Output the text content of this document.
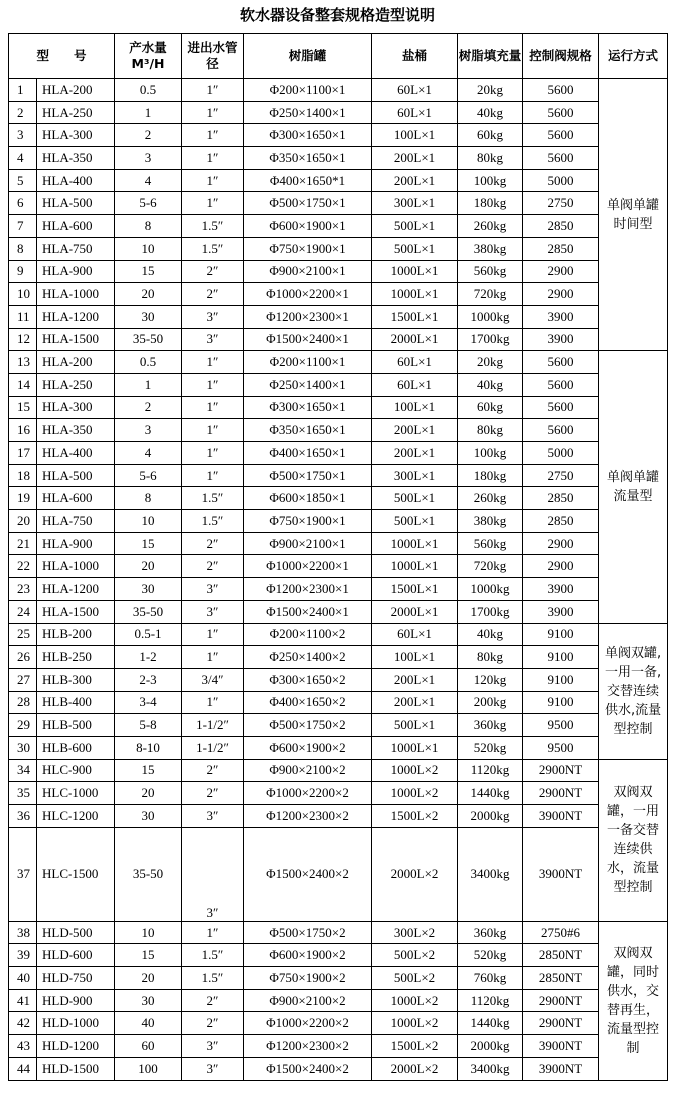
软水器设备整套规格造型说明
型　　号		产水量 M³/H	进出水管径	树脂罐	盐桶	树脂填充量	控制阀规格	运行方式
1	HLA-200	0.5	1″	Φ200×1100×1	60L×1	20kg	5600	单阀单罐 时间型
2	HLA-250	1	1″	Φ250×1400×1	60L×1	40kg	5600	
3	HLA-300	2	1″	Φ300×1650×1	100L×1	60kg	5600	
4	HLA-350	3	1″	Φ350×1650×1	200L×1	80kg	5600	
5	HLA-400	4	1″	Φ400×1650*1	200L×1	100kg	5000	
6	HLA-500	5-6	1″	Φ500×1750×1	300L×1	180kg	2750	
7	HLA-600	8	1.5″	Φ600×1900×1	500L×1	260kg	2850	
8	HLA-750	10	1.5″	Φ750×1900×1	500L×1	380kg	2850	
9	HLA-900	15	2″	Φ900×2100×1	1000L×1	560kg	2900	
10	HLA-1000	20	2″	Φ1000×2200×1	1000L×1	720kg	2900	
11	HLA-1200	30	3″	Φ1200×2300×1	1500L×1	1000kg	3900	
12	HLA-1500	35-50	3″	Φ1500×2400×1	2000L×1	1700kg	3900	
13	HLA-200	0.5	1″	Φ200×1100×1	60L×1	20kg	5600	单阀单罐 流量型
14	HLA-250	1	1″	Φ250×1400×1	60L×1	40kg	5600	
15	HLA-300	2	1″	Φ300×1650×1	100L×1	60kg	5600	
16	HLA-350	3	1″	Φ350×1650×1	200L×1	80kg	5600	
17	HLA-400	4	1″	Φ400×1650×1	200L×1	100kg	5000	
18	HLA-500	5-6	1″	Φ500×1750×1	300L×1	180kg	2750	
19	HLA-600	8	1.5″	Φ600×1850×1	500L×1	260kg	2850	
20	HLA-750	10	1.5″	Φ750×1900×1	500L×1	380kg	2850	
21	HLA-900	15	2″	Φ900×2100×1	1000L×1	560kg	2900	
22	HLA-1000	20	2″	Φ1000×2200×1	1000L×1	720kg	2900	
23	HLA-1200	30	3″	Φ1200×2300×1	1500L×1	1000kg	3900	
24	HLA-1500	35-50	3″	Φ1500×2400×1	2000L×1	1700kg	3900	
25	HLB-200	0.5-1	1″	Φ200×1100×2	60L×1	40kg	9100	单阀双罐,一用一备,交替连续供水,流量型控制
26	HLB-250	1-2	1″	Φ250×1400×2	100L×1	80kg	9100	
27	HLB-300	2-3	3/4″	Φ300×1650×2	200L×1	120kg	9100	
28	HLB-400	3-4	1″	Φ400×1650×2	200L×1	200kg	9100	
29	HLB-500	5-8	1-1/2″	Φ500×1750×2	500L×1	360kg	9500	
30	HLB-600	8-10	1-1/2″	Φ600×1900×2	1000L×1	520kg	9500	
34	HLC-900	15	2″	Φ900×2100×2	1000L×2	1120kg	2900NT	双阀双罐，一用一备交替连续供水，流量型控制
35	HLC-1000	20	2″	Φ1000×2200×2	1000L×2	1440kg	2900NT	
36	HLC-1200	30	3″	Φ1200×2300×2	1500L×2	2000kg	3900NT	
37	HLC-1500	35-50	3″	Φ1500×2400×2	2000L×2	3400kg	3900NT	
38	HLD-500	10	1″	Φ500×1750×2	300L×2	360kg	2750#6	双阀双罐，同时供水，交替再生，流量型控制
39	HLD-600	15	1.5″	Φ600×1900×2	500L×2	520kg	2850NT	
40	HLD-750	20	1.5″	Φ750×1900×2	500L×2	760kg	2850NT	
41	HLD-900	30	2″	Φ900×2100×2	1000L×2	1120kg	2900NT	
42	HLD-1000	40	2″	Φ1000×2200×2	1000L×2	1440kg	2900NT	
43	HLD-1200	60	3″	Φ1200×2300×2	1500L×2	2000kg	3900NT	
44	HLD-1500	100	3″	Φ1500×2400×2	2000L×2	3400kg	3900NT	
